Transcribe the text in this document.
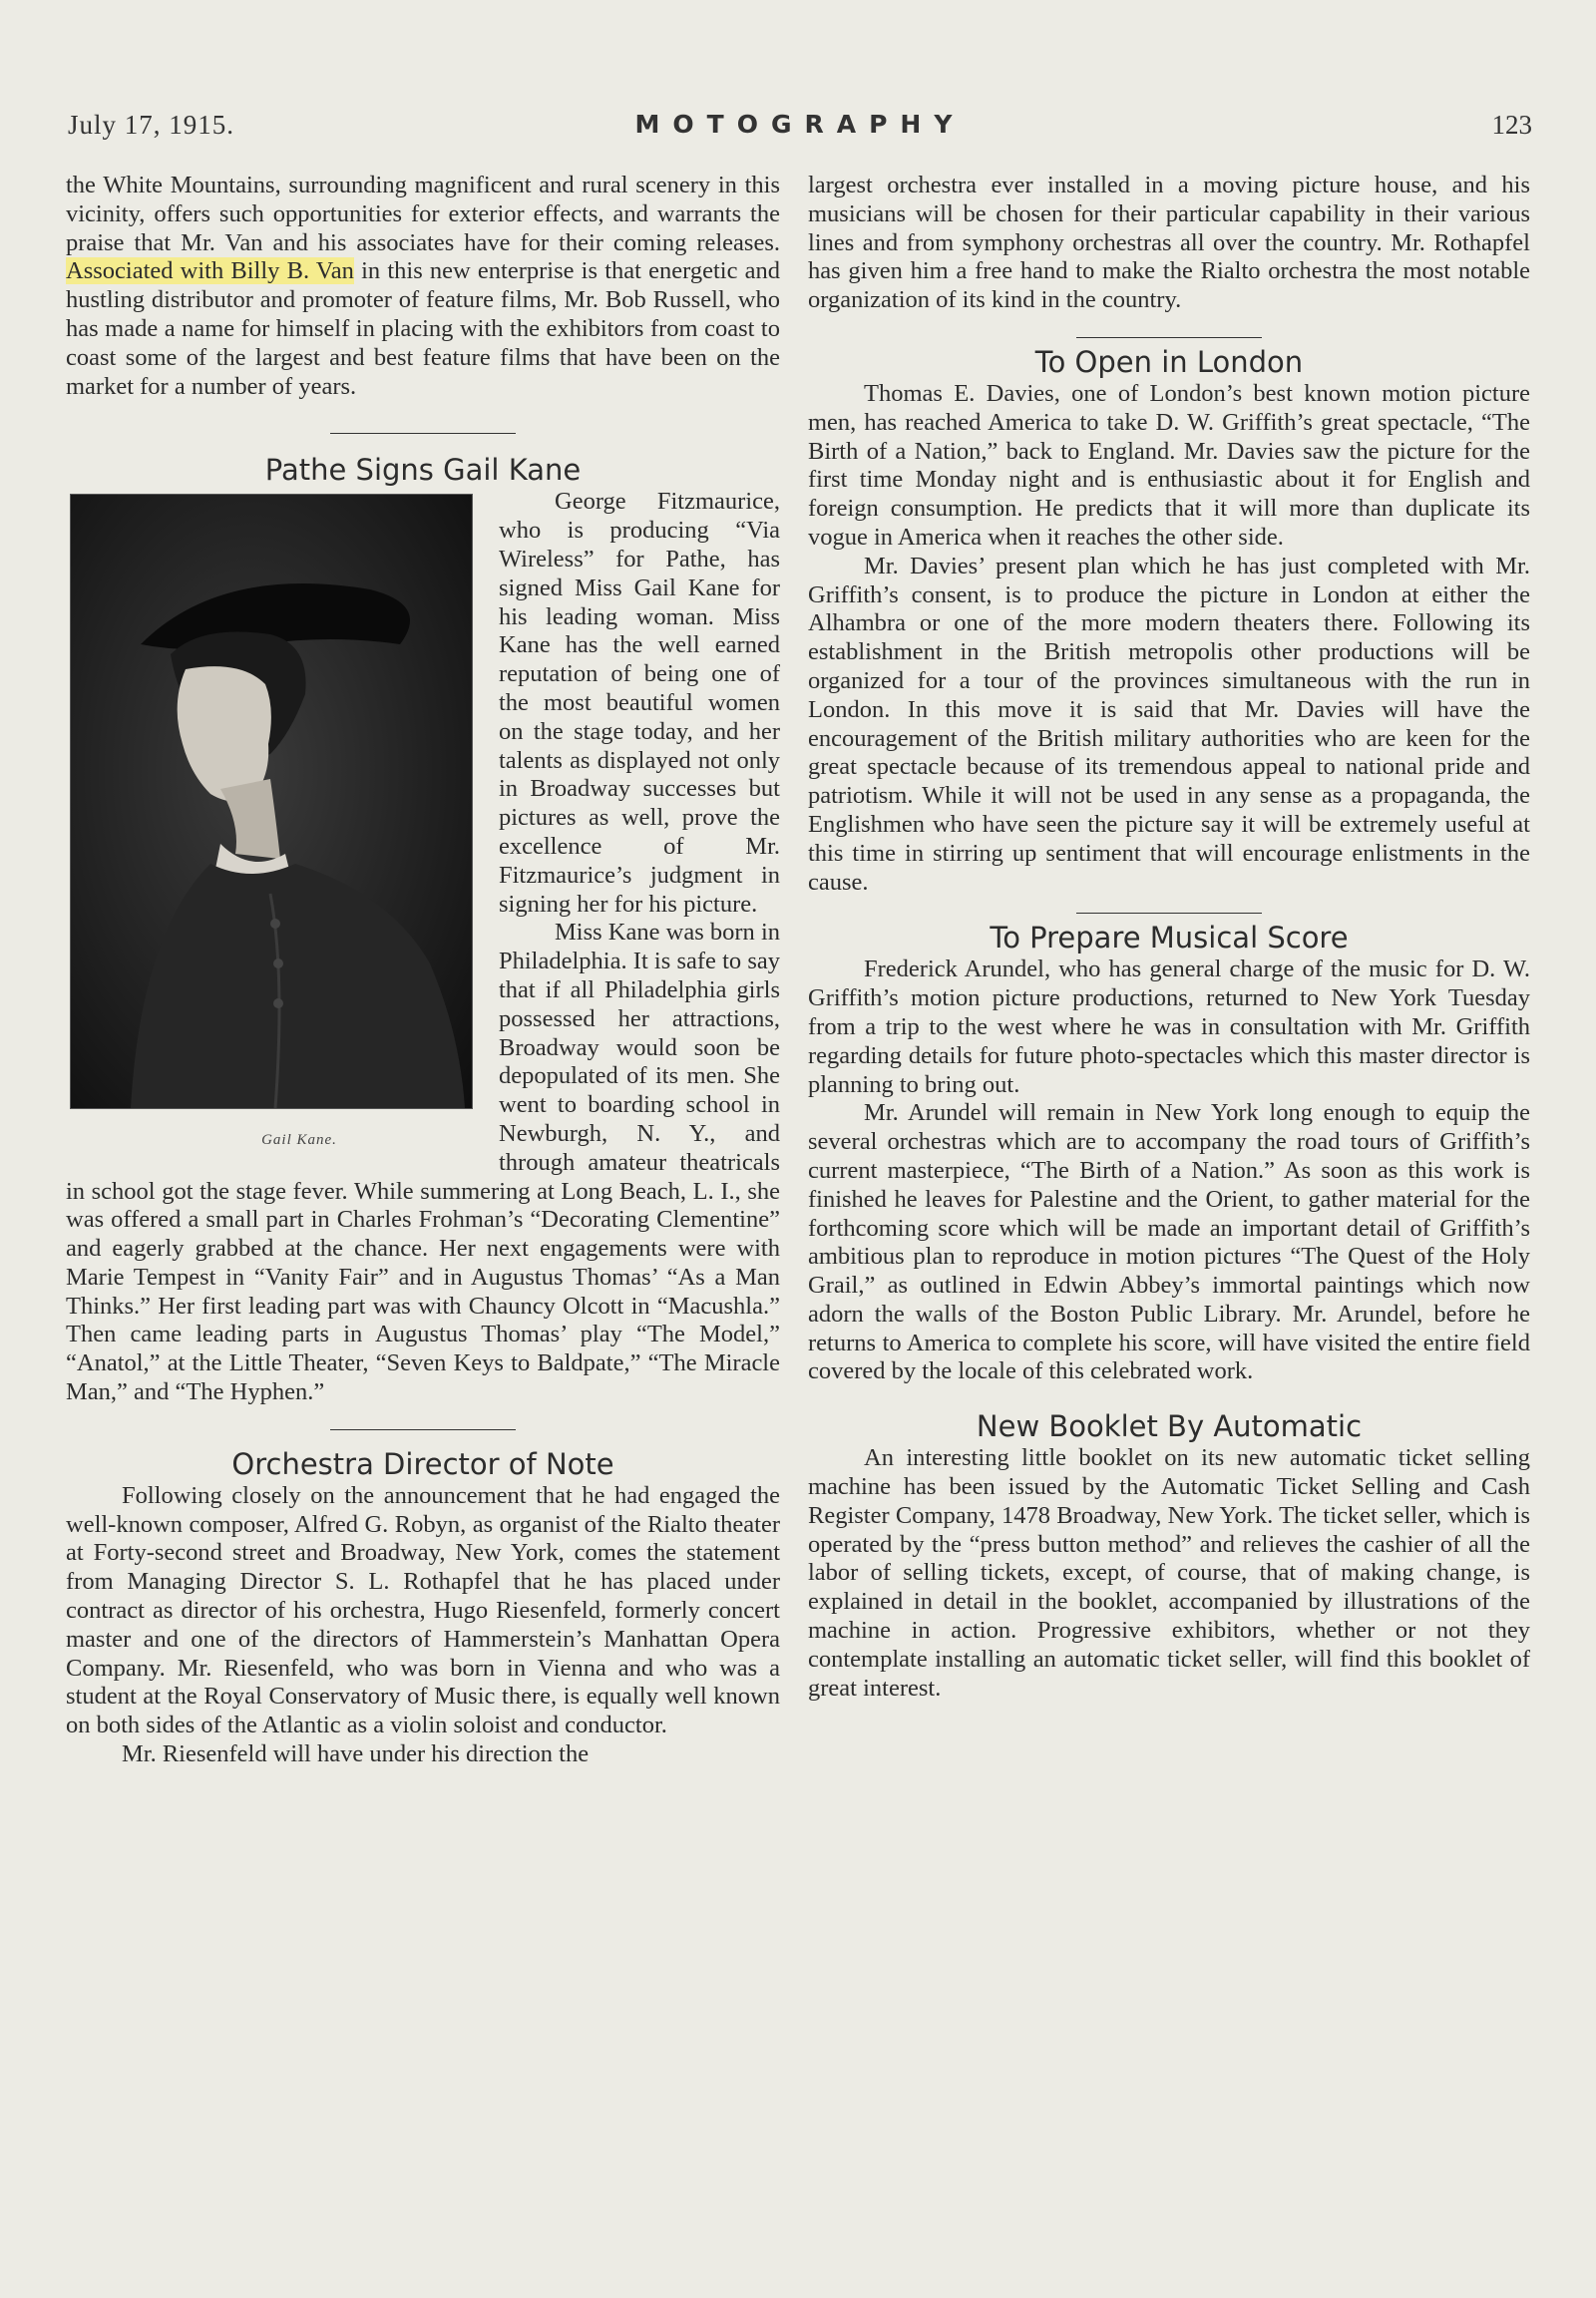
July 17, 1915.	MOTOGRAPHY	123

the White Mountains, surrounding magnificent and rural scenery in this vicinity, offers such opportunities for exterior effects, and warrants the praise that Mr. Van and his associates have for their coming releases. Associated with Billy B. Van in this new enterprise is that energetic and hustling distributor and promoter of feature films, Mr. Bob Russell, who has made a name for himself in placing with the exhibitors from coast to coast some of the largest and best feature films that have been on the market for a number of years.

Pathe Signs Gail Kane

Gail Kane.
George Fitzmaurice, who is producing “Via Wireless” for Pathe, has signed Miss Gail Kane for his leading woman. Miss Kane has the well earned reputation of being one of the most beautiful women on the stage today, and her talents as displayed not only in Broadway successes but pictures as well, prove the excellence of Mr. Fitzmaurice’s judgment in signing her for his picture.

Miss Kane was born in Philadelphia. It is safe to say that if all Philadelphia girls possessed her attractions, Broadway would soon be depopulated of its men. She went to boarding school in Newburgh, N. Y., and through amateur theatricals in school got the stage fever. While summering at Long Beach, L. I., she was offered a small part in Charles Frohman’s “Decorating Clementine” and eagerly grabbed at the chance. Her next engagements were with Marie Tempest in “Vanity Fair” and in Augustus Thomas’ “As a Man Thinks.” Her first leading part was with Chauncy Olcott in “Macushla.” Then came leading parts in Augustus Thomas’ play “The Model,” “Anatol,” at the Little Theater, “Seven Keys to Baldpate,” “The Miracle Man,” and “The Hyphen.”

Orchestra Director of Note

Following closely on the announcement that he had engaged the well-known composer, Alfred G. Robyn, as organist of the Rialto theater at Forty-second street and Broadway, New York, comes the statement from Managing Director S. L. Rothapfel that he has placed under contract as director of his orchestra, Hugo Riesenfeld, formerly concert master and one of the directors of Hammerstein’s Manhattan Opera Company. Mr. Riesenfeld, who was born in Vienna and who was a student at the Royal Conservatory of Music there, is equally well known on both sides of the Atlantic as a violin soloist and conductor.

Mr. Riesenfeld will have under his direction the

largest orchestra ever installed in a moving picture house, and his musicians will be chosen for their particular capability in their various lines and from symphony orchestras all over the country. Mr. Rothapfel has given him a free hand to make the Rialto orchestra the most notable organization of its kind in the country.

To Open in London

Thomas E. Davies, one of London’s best known motion picture men, has reached America to take D. W. Griffith’s great spectacle, “The Birth of a Nation,” back to England. Mr. Davies saw the picture for the first time Monday night and is enthusiastic about it for English and foreign consumption. He predicts that it will more than duplicate its vogue in America when it reaches the other side.

Mr. Davies’ present plan which he has just completed with Mr. Griffith’s consent, is to produce the picture in London at either the Alhambra or one of the more modern theaters there. Following its establishment in the British metropolis other productions will be organized for a tour of the provinces simultaneous with the run in London. In this move it is said that Mr. Davies will have the encouragement of the British military authorities who are keen for the great spectacle because of its tremendous appeal to national pride and patriotism. While it will not be used in any sense as a propaganda, the Englishmen who have seen the picture say it will be extremely useful at this time in stirring up sentiment that will encourage enlistments in the cause.

To Prepare Musical Score

Frederick Arundel, who has general charge of the music for D. W. Griffith’s motion picture productions, returned to New York Tuesday from a trip to the west where he was in consultation with Mr. Griffith regarding details for future photo-spectacles which this master director is planning to bring out.

Mr. Arundel will remain in New York long enough to equip the several orchestras which are to accompany the road tours of Griffith’s current masterpiece, “The Birth of a Nation.” As soon as this work is finished he leaves for Palestine and the Orient, to gather material for the forthcoming score which will be made an important detail of Griffith’s ambitious plan to reproduce in motion pictures “The Quest of the Holy Grail,” as outlined in Edwin Abbey’s immortal paintings which now adorn the walls of the Boston Public Library. Mr. Arundel, before he returns to America to complete his score, will have visited the entire field covered by the locale of this celebrated work.

New Booklet By Automatic

An interesting little booklet on its new automatic ticket selling machine has been issued by the Automatic Ticket Selling and Cash Register Company, 1478 Broadway, New York. The ticket seller, which is operated by the “press button method” and relieves the cashier of all the labor of selling tickets, except, of course, that of making change, is explained in detail in the booklet, accompanied by illustrations of the machine in action. Progressive exhibitors, whether or not they contemplate installing an automatic ticket seller, will find this booklet of great interest.
